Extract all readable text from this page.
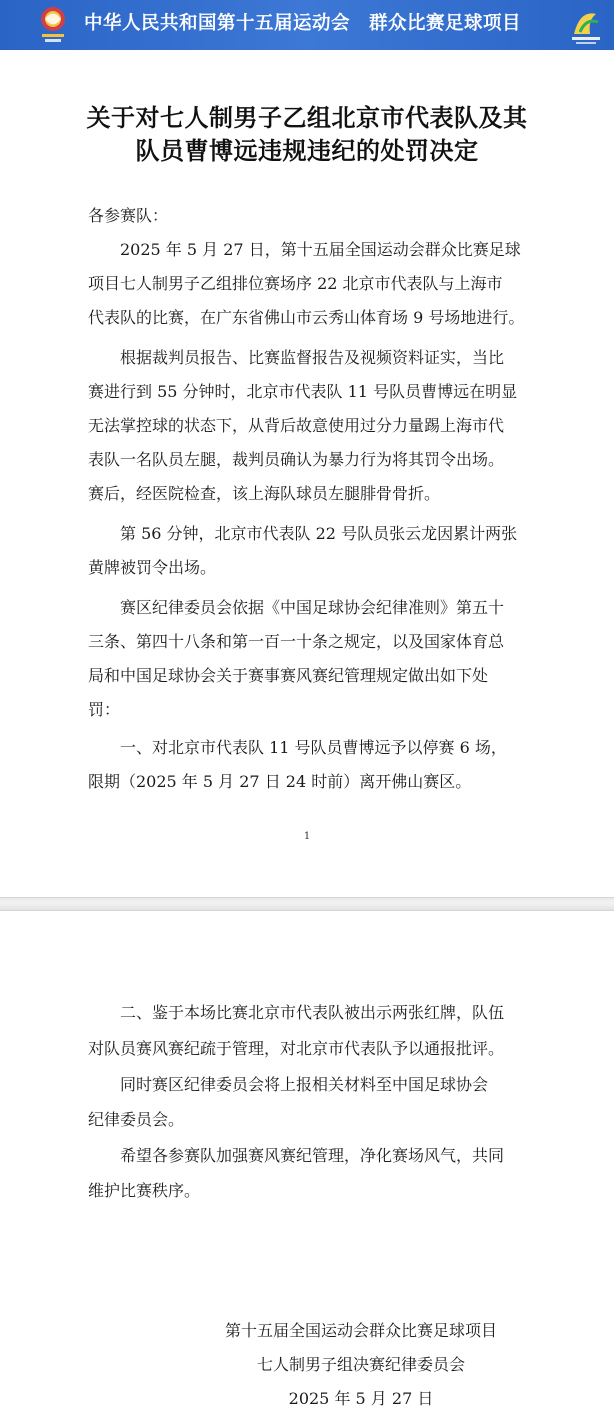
中华人民共和国第十五届运动会　群众比赛足球项目
关于对七人制男子乙组北京市代表队及其
队员曹博远违规违纪的处罚决定
各参赛队：
　　2025 年 5 月 27 日，第十五届全国运动会群众比赛足球
项目七人制男子乙组排位赛场序 22 北京市代表队与上海市
代表队的比赛，在广东省佛山市云秀山体育场 9 号场地进行。
　　根据裁判员报告、比赛监督报告及视频资料证实，当比
赛进行到 55 分钟时，北京市代表队 11 号队员曹博远在明显
无法掌控球的状态下，从背后故意使用过分力量踢上海市代
表队一名队员左腿，裁判员确认为暴力行为将其罚令出场。
赛后，经医院检查，该上海队球员左腿腓骨骨折。
　　第 56 分钟，北京市代表队 22 号队员张云龙因累计两张
黄牌被罚令出场。
　　赛区纪律委员会依据《中国足球协会纪律准则》第五十
三条、第四十八条和第一百一十条之规定，以及国家体育总
局和中国足球协会关于赛事赛风赛纪管理规定做出如下处
罚：
　　一、对北京市代表队 11 号队员曹博远予以停赛 6 场，
限期（2025 年 5 月 27 日 24 时前）离开佛山赛区。
1
　　二、鉴于本场比赛北京市代表队被出示两张红牌，队伍
对队员赛风赛纪疏于管理，对北京市代表队予以通报批评。
　　同时赛区纪律委员会将上报相关材料至中国足球协会
纪律委员会。
　　希望各参赛队加强赛风赛纪管理，净化赛场风气，共同
维护比赛秩序。
第十五届全国运动会群众比赛足球项目
七人制男子组决赛纪律委员会
2025 年 5 月 27 日
